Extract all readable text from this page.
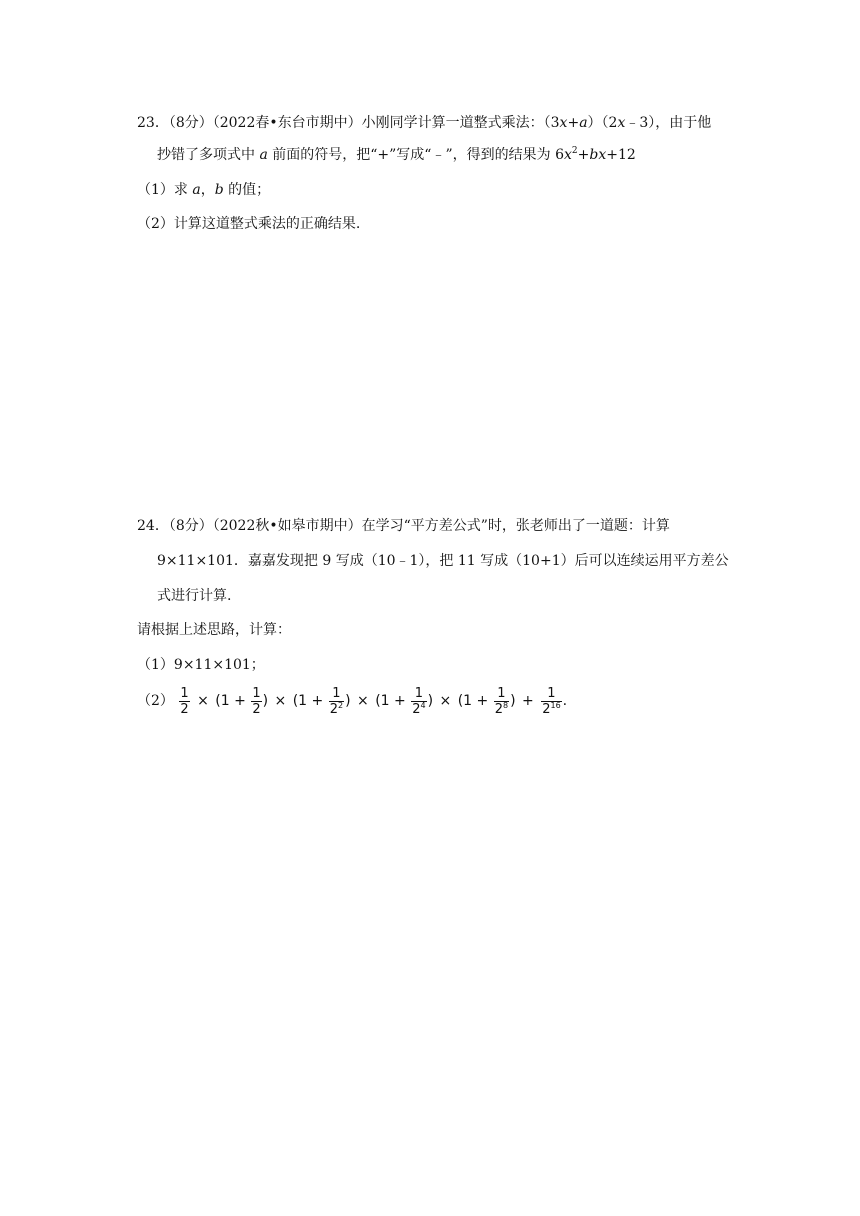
23．（8分）（2022春•东台市期中）小刚同学计算一道整式乘法：（3x+a）（2x﹣3），由于他
抄错了多项式中 a 前面的符号，把“+”写成“﹣”，得到的结果为 $6x^2+bx+12$
（1）求 a，b 的值；
（2）计算这道整式乘法的正确结果.
24．（8分）（2022秋•如皋市期中）在学习“平方差公式”时，张老师出了一道题：计算
9×11×101．嘉嘉发现把 9 写成（10﹣1），把 11 写成（10+1）后可以连续运用平方差公
式进行计算.
请根据上述思路，计算：
（1）9×11×101；
$(2) \frac{1}{2} \times (1 + \frac{1}{2}$ ) × ($1 + \frac{1}{2^2}$ ) × ($1 + \frac{1}{2^4}$ ) × ($1 + \frac{1}{2^8}$ ) + $\frac{1}{2^{16}}$ .
